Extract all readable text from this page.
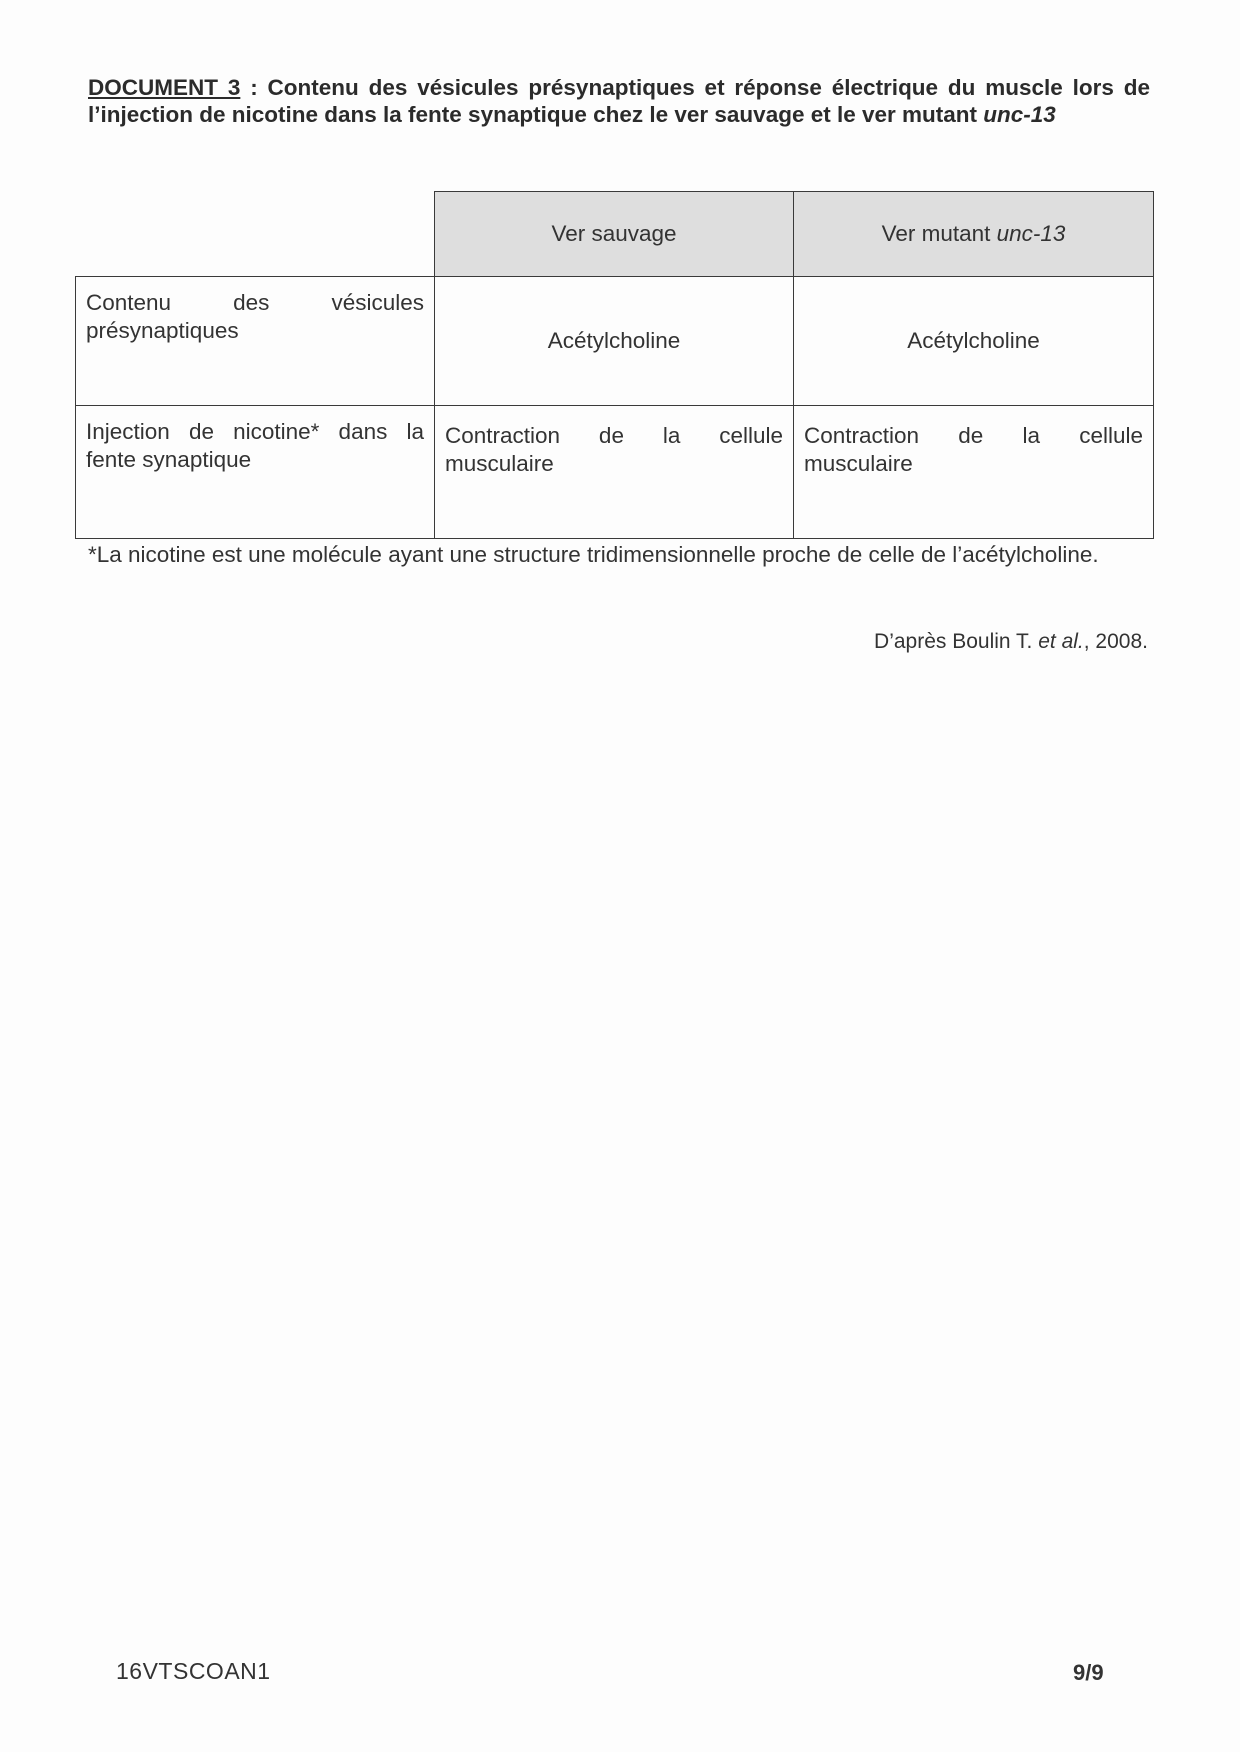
DOCUMENT 3 : Contenu des vésicules présynaptiques et réponse électrique du muscle lors de l’injection de nicotine dans la fente synaptique chez le ver sauvage et le ver mutant unc-13
	Ver sauvage	Ver mutant unc-13
Contenu des vésicules présynaptiques	Acétylcholine	Acétylcholine
Injection de nicotine* dans la fente synaptique	Contraction de la cellule musculaire	Contraction de la cellule musculaire
*La nicotine est une molécule ayant une structure tridimensionnelle proche de celle de l’acétylcholine.
D’après Boulin T. et al., 2008.
16VTSCOAN1	9/9
